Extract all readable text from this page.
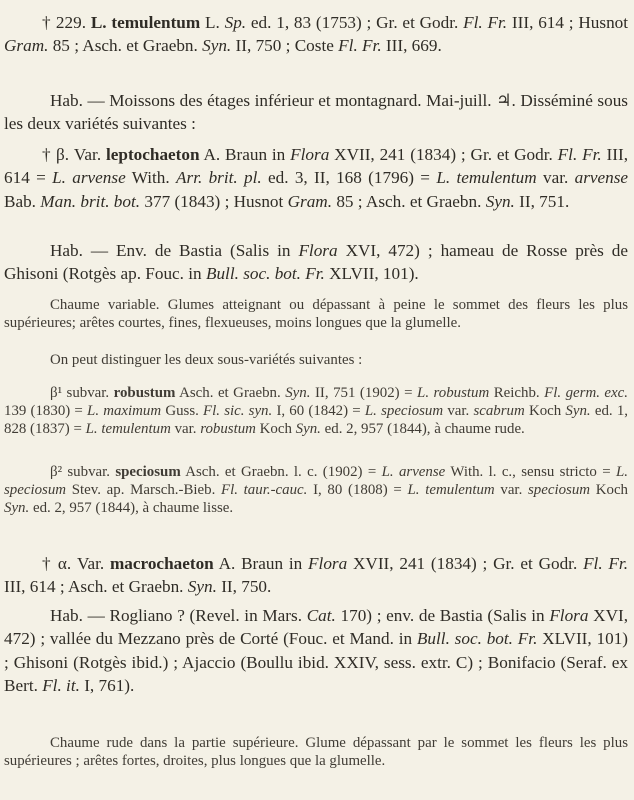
† 229. L. temulentum L. Sp. ed. 1, 83 (1753) ; Gr. et Godr. Fl. Fr. III, 614 ; Husnot Gram. 85 ; Asch. et Graebn. Syn. II, 750 ; Coste Fl. Fr. III, 669.

Hab. — Moissons des étages inférieur et montagnard. Mai-juill. ♃. Disséminé sous les deux variétés suivantes :

† β. Var. leptochaeton A. Braun in Flora XVII, 241 (1834) ; Gr. et Godr. Fl. Fr. III, 614 = L. arvense With. Arr. brit. pl. ed. 3, II, 168 (1796) = L. temulentum var. arvense Bab. Man. brit. bot. 377 (1843) ; Husnot Gram. 85 ; Asch. et Graebn. Syn. II, 751.

Hab. — Env. de Bastia (Salis in Flora XVI, 472) ; hameau de Rosse près de Ghisoni (Rotgès ap. Fouc. in Bull. soc. bot. Fr. XLVII, 101).

Chaume variable. Glumes atteignant ou dépassant à peine le sommet des fleurs les plus supérieures; arêtes courtes, fines, flexueuses, moins longues que la glumelle.

On peut distinguer les deux sous-variétés suivantes :

β¹ subvar. robustum Asch. et Graebn. Syn. II, 751 (1902) = L. robustum Reichb. Fl. germ. exc. 139 (1830) = L. maximum Guss. Fl. sic. syn. I, 60 (1842) = L. speciosum var. scabrum Koch Syn. ed. 1, 828 (1837) = L. temulentum var. robustum Koch Syn. ed. 2, 957 (1844), à chaume rude.

β² subvar. speciosum Asch. et Graebn. l. c. (1902) = L. arvense With. l. c., sensu stricto = L. speciosum Stev. ap. Marsch.-Bieb. Fl. taur.-cauc. I, 80 (1808) = L. temulentum var. speciosum Koch Syn. ed. 2, 957 (1844), à chaume lisse.

† α. Var. macrochaeton A. Braun in Flora XVII, 241 (1834) ; Gr. et Godr. Fl. Fr. III, 614 ; Asch. et Graebn. Syn. II, 750.

Hab. — Rogliano ? (Revel. in Mars. Cat. 170) ; env. de Bastia (Salis in Flora XVI, 472) ; vallée du Mezzano près de Corté (Fouc. et Mand. in Bull. soc. bot. Fr. XLVII, 101) ; Ghisoni (Rotgès ibid.) ; Ajaccio (Boullu ibid. XXIV, sess. extr. C) ; Bonifacio (Seraf. ex Bert. Fl. it. I, 761).

Chaume rude dans la partie supérieure. Glume dépassant par le sommet les fleurs les plus supérieures ; arêtes fortes, droites, plus longues que la glumelle.
